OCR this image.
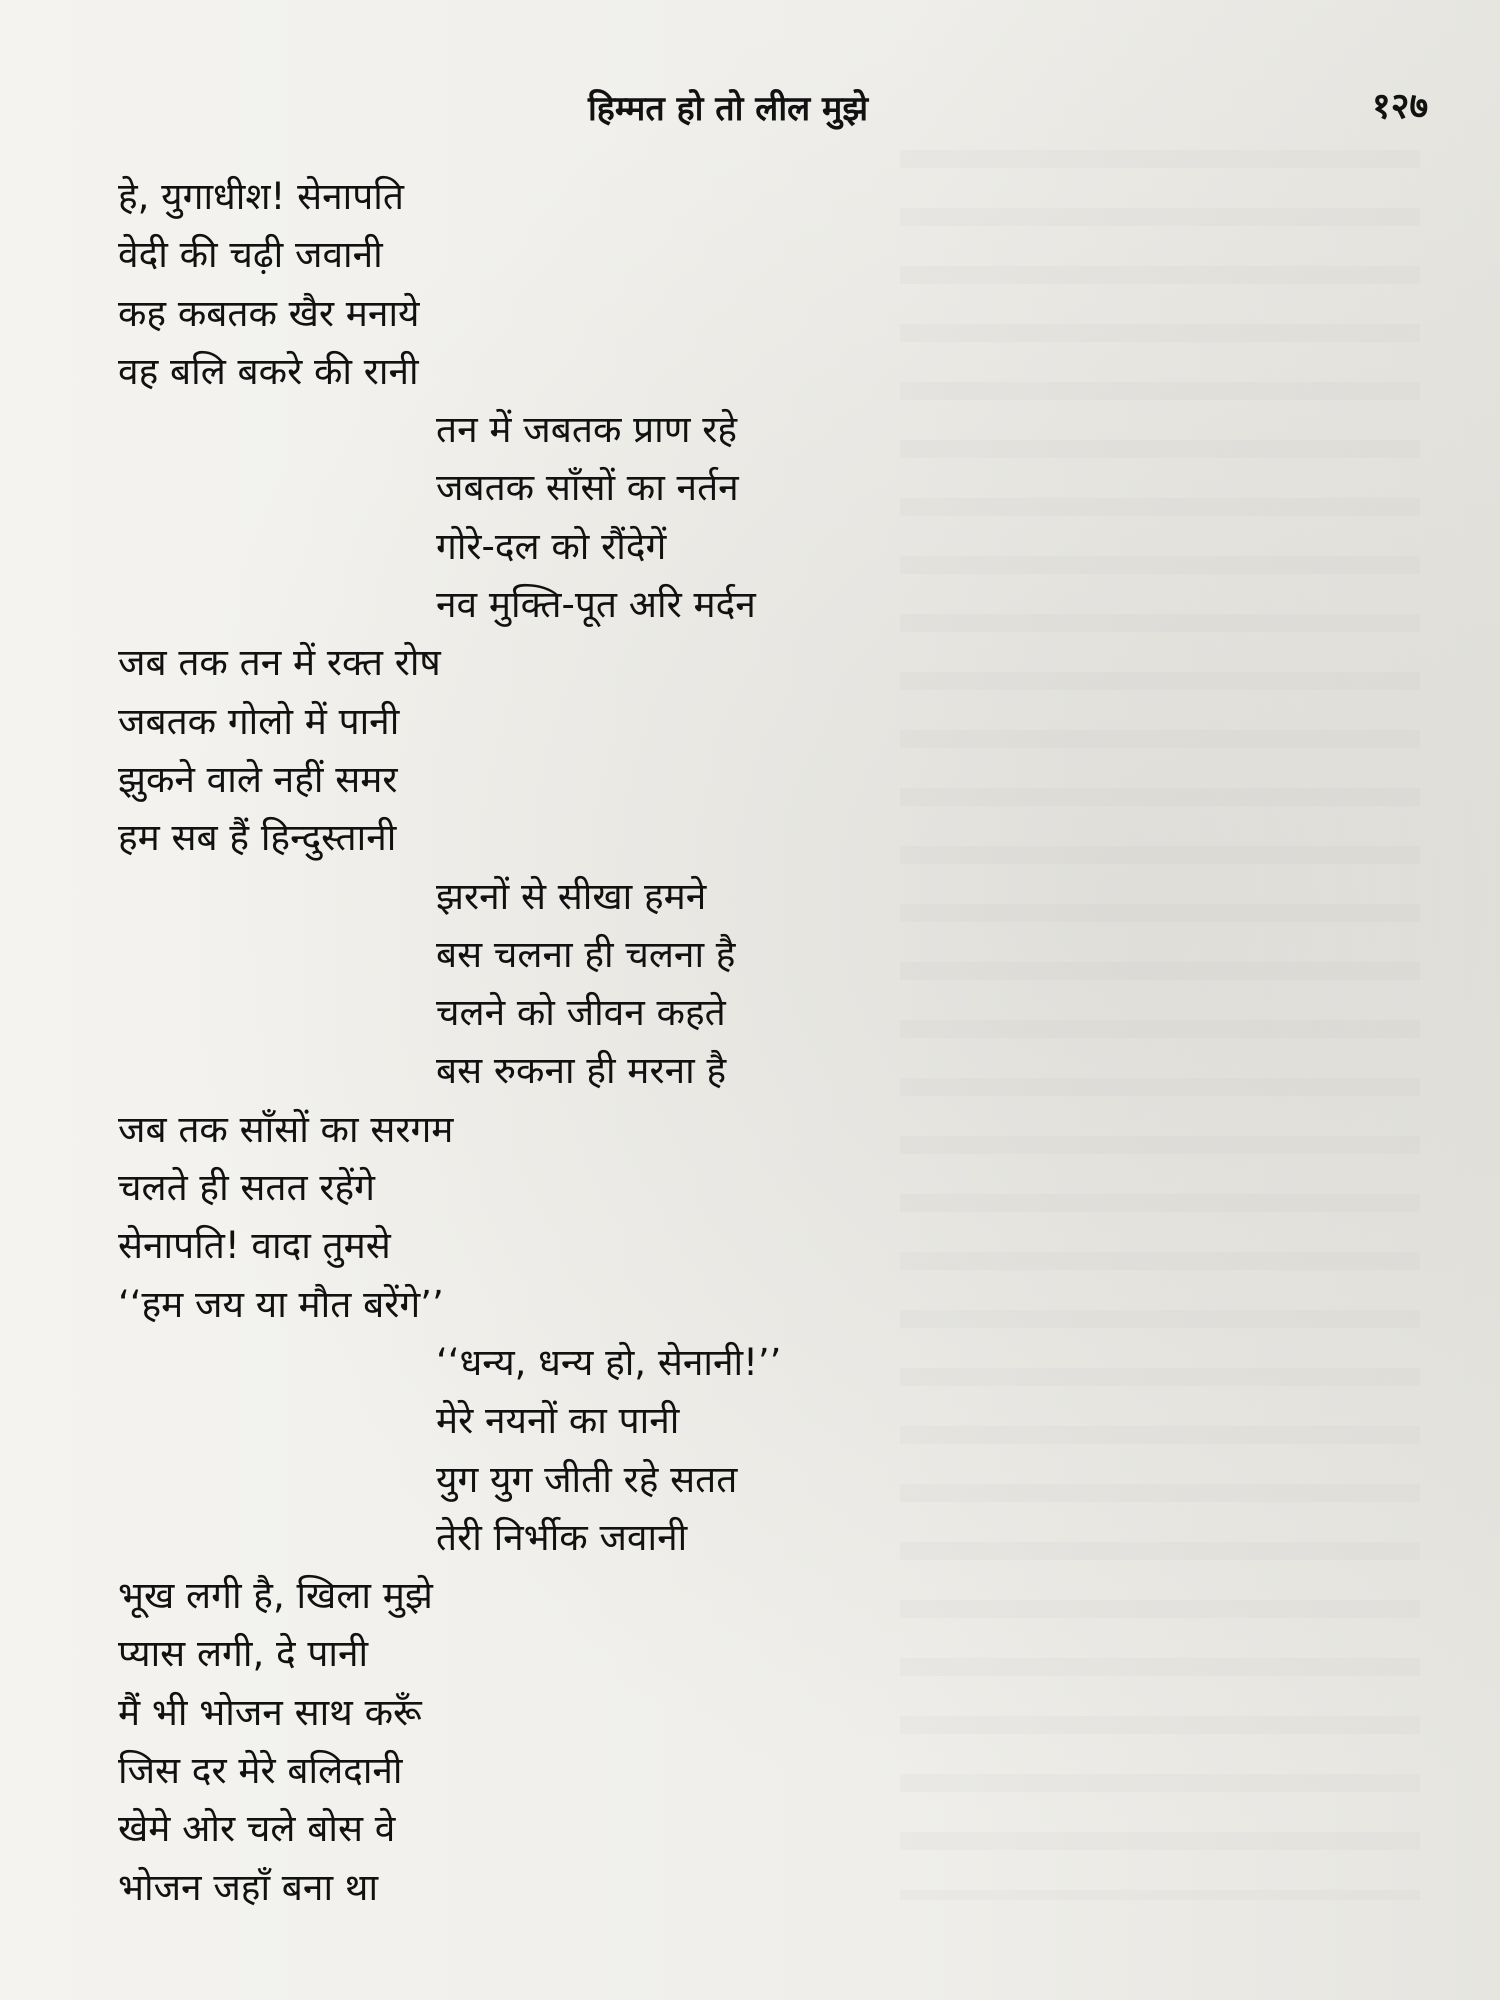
हिम्मत हो तो लील मुझे	१२७
हे, युगाधीश! सेनापति
वेदी की चढ़ी जवानी
कह कबतक खैर मनाये
वह बलि बकरे की रानी
तन में जबतक प्राण रहे
जबतक साँसों का नर्तन
गोरे-दल को रौंदेगें
नव मुक्ति-पूत अरि मर्दन
जब तक तन में रक्त रोष
जबतक गोलो में पानी
झुकने वाले नहीं समर
हम सब हैं हिन्दुस्तानी
झरनों से सीखा हमने
बस चलना ही चलना है
चलने को जीवन कहते
बस रुकना ही मरना है
जब तक साँसों का सरगम
चलते ही सतत रहेंगे
सेनापति! वादा तुमसे
‘‘हम जय या मौत बरेंगे’’
‘‘धन्य, धन्य हो, सेनानी!’’
मेरे नयनों का पानी
युग युग जीती रहे सतत
तेरी निर्भीक जवानी
भूख लगी है, खिला मुझे
प्यास लगी, दे पानी
मैं भी भोजन साथ करूँ
जिस दर मेरे बलिदानी
खेमे ओर चले बोस वे
भोजन जहाँ बना था
